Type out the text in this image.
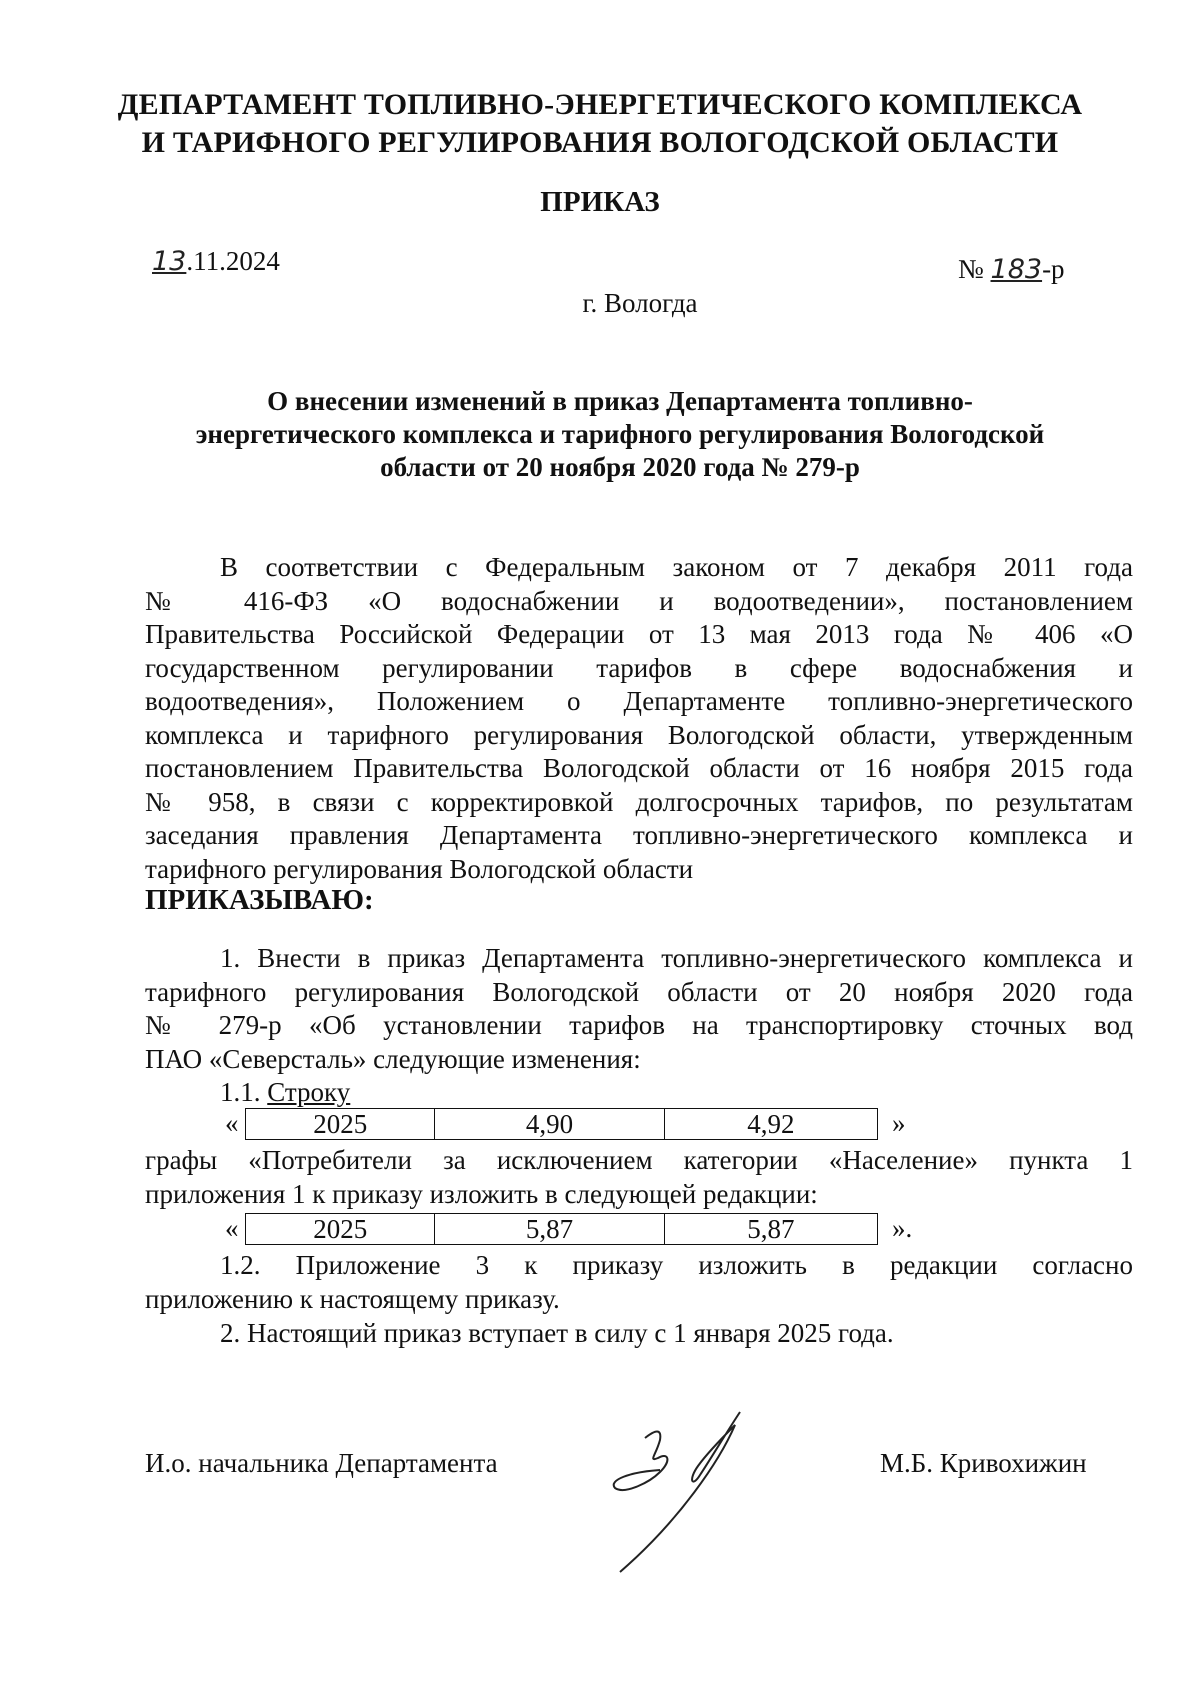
ДЕПАРТАМЕНТ ТОПЛИВНО-ЭНЕРГЕТИЧЕСКОГО КОМПЛЕКСА
И ТАРИФНОГО РЕГУЛИРОВАНИЯ ВОЛОГОДСКОЙ ОБЛАСТИ
ПРИКАЗ
13.11.2024	№ 183-р
г. Вологда
О внесении изменений в приказ Департамента топливно-
энергетического комплекса и тарифного регулирования Вологодской
области от 20 ноября 2020 года № 279-р
В соответствии с Федеральным законом от 7 декабря 2011 года
№ 416-ФЗ «О водоснабжении и водоотведении», постановлением
Правительства Российской Федерации от 13 мая 2013 года № 406 «О
государственном регулировании тарифов в сфере водоснабжения и
водоотведения», Положением о Департаменте топливно-энергетического
комплекса и тарифного регулирования Вологодской области, утвержденным
постановлением Правительства Вологодской области от 16 ноября 2015 года
№ 958, в связи с корректировкой долгосрочных тарифов, по результатам
заседания правления Департамента топливно-энергетического комплекса и
тарифного регулирования Вологодской области
ПРИКАЗЫВАЮ:
1. Внести в приказ Департамента топливно-энергетического комплекса и
тарифного регулирования Вологодской области от 20 ноября 2020 года
№ 279-р «Об установлении тарифов на транспортировку сточных вод
ПАО «Северсталь» следующие изменения:
1.1. Строку
«	2025	4,90	4,92	»
графы «Потребители за исключением категории «Население» пункта 1
приложения 1 к приказу изложить в следующей редакции:
«	2025	5,87	5,87	».
1.2. Приложение 3 к приказу изложить в редакции согласно
приложению к настоящему приказу.
2. Настоящий приказ вступает в силу с 1 января 2025 года.
И.о. начальника Департамента	М.Б. Кривохижин
